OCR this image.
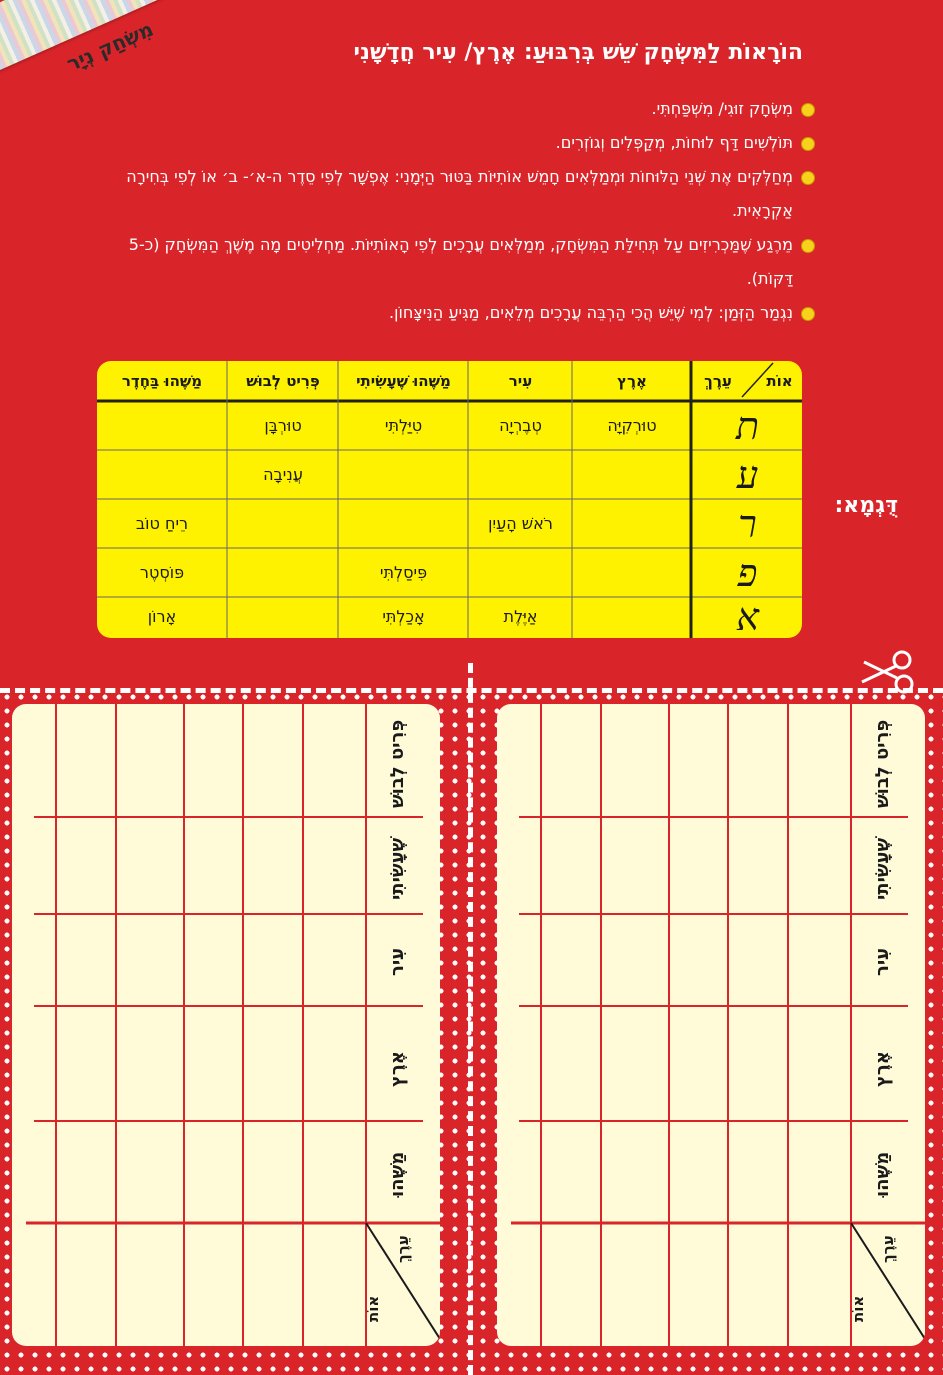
מִשְׂחַק נְיָר	הוֹרָאוֹת לַמִּשְׂחָק שֵׁשׁ בְּרִבּוּעַ: אֶרֶץ/ עִיר חֲדָשָׁנִי
מִשְׂחָק זוּגִי/ מִשְׁפַּחְתִּי.
תּוֹלְשִׁים דַּף לוּחוֹת, מְקַפְּלִים וְגוֹזְרִים.
מְחַלְּקִים אֶת שְׁנֵי הַלּוּחוֹת וּמְמַלְּאִים חָמֵשׁ אוֹתִיּוֹת בַּטּוּר הַיְּמָנִי: אֶפְשָׁר לְפִי סֵדֶר ה-א׳- ב׳ אוֹ לְפִי בְּחִירָה אַקְרָאִית.
מֵרֶגַע שֶׁמַּכְרִיזִים עַל תְּחִילַּת הַמִּשְׂחָק, מְמַלְּאִים עֲרָכִים לְפִי הָאוֹתִיּוֹת. מַחְלִיטִים מָה מֶשֶׁךְ הַמִּשְׂחָק (כ-5 דַּקּוֹת).
נִגְמַר הַזְּמַן: לְמִי שֶׁיֵּשׁ הֲכִי הַרְבֵּה עֲרָכִים מְלֵאִים, מַגִּיעַ הַנִּיצָּחוֹן.
דֻּגְמָא:
אוֹת
עֵרֶךְ
אֶרֶץ
עִיר
מַשֶּׁהוּ שֶׁעָשִׂיתִי
פְּרִיט לְבוּשׁ
מַשֶּׁהוּ בַּחֶדֶר
ת
טוּרְקִיָּה
טְבֶרְיָה
טִיַּלְתִּי
טוּרְבָּן
ע
עֲנִיבָה
ר
רֹאשׁ הָעַיִן
רֵיחַ טוֹב
פ
פִּיסַלְתִּי
פּוֹסְטֶר
א
אַיֶּלֶת
אָכַלְתִּי
אָרוֹן
פְּרִיט לְבוּשׁ
שֶׁעָשִׂיתִי
עִיר
אֶרֶץ
מַשֶּׁהוּ
עֵרֶךְ
אוֹת
פְּרִיט לְבוּשׁ
שֶׁעָשִׂיתִי
עִיר
אֶרֶץ
מַשֶּׁהוּ
עֵרֶךְ
אוֹת
